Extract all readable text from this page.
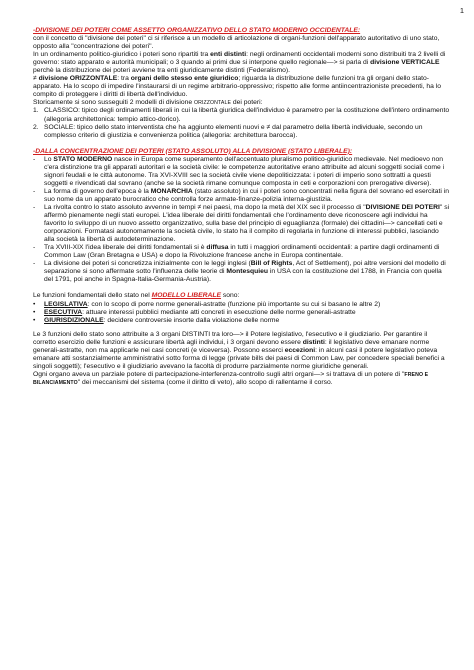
1
-DIVISIONE DEI POTERI COME ASSETTO ORGANIZZATIVO DELLO STATO MODERNO OCCIDENTALE:

con il concetto di "divisione dei poteri" ci si riferisce a un modello di articolazione di organi-funzioni dell'apparato autoritativo di uno stato, opposto alla "concentrazione dei poteri".

In un ordinamento politico-giuridico i poteri sono ripartiti tra enti distinti: negli ordinamenti occidentali moderni sono distribuiti tra 2 livelli di governo: stato apparato e autorità municipali; o 3 quando ai primi due si interpone quello regionale—> si parla di divisione VERTICALE perchè la distribuzione dei poteri avviene tra enti giuridicamente distinti (Federalismo).

≠ divisione ORIZZONTALE: tra organi dello stesso ente giuridico; riguarda la distribuzione delle funzioni tra gli organi dello stato-apparato. Ha lo scopo di impedire l'instaurarsi di un regime arbitrario-oppressivo; rispetto alle forme antiincentrazioniste precedenti, ha lo compito di proteggere i diritti di libertà dell'individuo.

Storicamente si sono susseguiti 2 modelli di divisione ORIZZONTALE dei poteri:

1. CLASSICO: tipico degli ordinamenti liberali in cui la libertà giuridica dell'individuo è parametro per la costituzione dell'intero ordinamento (allegoria architettonica: tempio attico-dorico).
2. SOCIALE: tipico dello stato interventista che ha aggiunto elementi nuovi e ≠ dal parametro della libertà individuale, secondo un complesso criterio di giustizia e convenienza politica (allegoria: architettura barocca).
-DALLA CONCENTRAZIONE DEI POTERI (STATO ASSOLUTO) ALLA DIVISIONE (STATO LIBERALE):
-	Lo STATO MODERNO nasce in Europa come superamento dell'accentuato pluralismo politico-giuridico medievale. Nel medioevo non c'era distinzione tra gli apparati autoritari e la società civile: le competenze autoritative erano attribuite ad alcuni soggetti sociali come i signori feudali e le città autonome. Tra XVI-XVIII sec la società civile viene depoliticizzata: i poteri di imperio sono sottratti a questi soggetti e rivendicati dal sovrano (anche se la società rimane comunque composta in ceti e corporazioni con prerogative diverse).
-	La forma di governo dell'epoca è la MONARCHIA (stato assoluto) in cui i poteri sono concentrati nella figura del sovrano ed esercitati in suo nome da un apparato burocratico che controlla forze armate-finanze-polizia interna-giustizia.
-	La rivolta contro lo stato assoluto avvenne in tempi ≠ nei paesi, ma dopo la metà del XIX sec il processo di "DIVISIONE DEI POTERI" si affermò pienamente negli stati europei. L'idea liberale dei diritti fondamentali che l'ordinamento deve riconoscere agli individui ha favorito lo sviluppo di un nuovo assetto organizzativo, sulla base del principio di eguaglianza (formale) dei cittadini—> cancellati ceti e corporazioni. Formatasi autonomamente la società civile, lo stato ha il compito di regolarla in funzione di interessi pubblici, lasciando alla società la libertà di autodeterminazione.
-	Tra XVIII-XIX l'idea liberale dei diritti fondamentali si è diffusa in tutti i maggiori ordinamenti occidentali: a partire dagli ordinamenti di Common Law (Gran Bretagna e USA) e dopo la Rivoluzione francese anche in Europa continentale.
-	La divisione dei poteri si concretizza inizialmente con le leggi inglesi (Bill of Rights, Act of Settlement), poi altre versioni del modello di separazione si sono affermate sotto l'influenza delle teorie di Montesquieu in USA con la costituzione del 1788, in Francia con quella del 1791, poi anche in Spagna-Italia-Germania-Austria).

Le funzioni fondamentali dello stato nel MODELLO LIBERALE sono:

•	LEGISLATIVA: con lo scopo di porre norme generali-astratte (funzione più importante su cui si basano le altre 2)
•	ESECUTIVA: attuare interessi pubblici mediante atti concreti in esecuzione delle norme generali-astratte
•	GIURISDIZIONALE: decidere controversie insorte dalla violazione delle norme

Le 3 funzioni dello stato sono attribuite a 3 organi DISTINTI tra loro—> il Potere legislativo, l'esecutivo e il giudiziario. Per garantire il corretto esercizio delle funzioni e assicurare libertà agli individui, i 3 organi devono essere distinti: il legislativo deve emanare norme generali-astratte, non ma applicarle nei casi concreti (e viceversa). Possono esserci eccezioni: in alcuni casi il potere legislativo poteva emanare atti sostanzialmente amministrativi sotto forma di legge (private bills dei paesi di Common Law, per concedere speciali benefici a singoli soggetti); l'esecutivo e il giudiziario avevano la facoltà di produrre parzialmente norme giuridiche generali.

Ogni organo aveva un parziale potere di partecipazione-interferenza-controllo sugli altri organi—> si trattava di un potere di "FRENO E BILANCIAMENTO" dei meccanismi del sistema (come il diritto di veto), allo scopo di rallentarne il corso.
